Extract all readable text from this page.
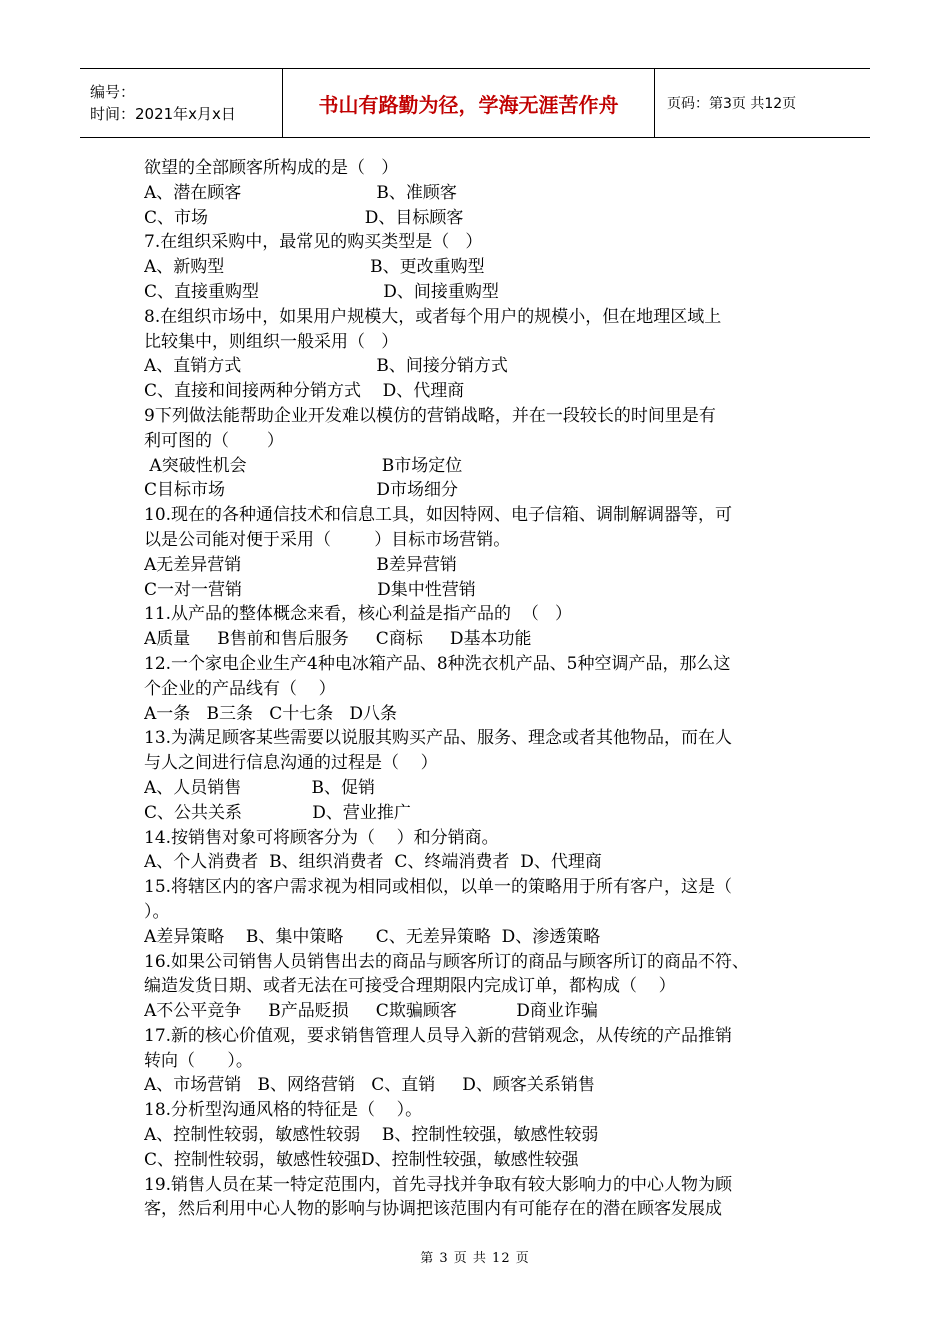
编号：
时间：2021年x月x日	书山有路勤为径，学海无涯苦作舟	页码：第3页 共12页
欲望的全部顾客所构成的是（   ）
A、潜在顾客                         B、准顾客
C、市场                             D、目标顾客
7.在组织采购中，最常见的购买类型是（   ）
A、新购型                           B、更改重购型
C、直接重购型                       D、间接重购型
8.在组织市场中，如果用户规模大，或者每个用户的规模小，但在地理区域上
比较集中，则组织一般采用（   ）
A、直销方式                         B、间接分销方式
C、直接和间接两种分销方式    D、代理商
9下列做法能帮助企业开发难以模仿的营销战略，并在一段较长的时间里是有
利可图的（       ）
A突破性机会                         B市场定位
C目标市场                            D市场细分
10.现在的各种通信技术和信息工具，如因特网、电子信箱、调制解调器等，可
以是公司能对便于采用（        ）目标市场营销。
A无差异营销                         B差异营销
C一对一营销                         D集中性营销
11.从产品的整体概念来看，核心利益是指产品的  （   ）
A质量     B售前和售后服务     C商标     D基本功能
12.一个家电企业生产4种电冰箱产品、8种洗衣机产品、5种空调产品，那么这
个企业的产品线有（    ）
A一条   B三条   C十七条   D八条
13.为满足顾客某些需要以说服其购买产品、服务、理念或者其他物品，而在人
与人之间进行信息沟通的过程是（    ）
A、人员销售             B、促销
C、公共关系             D、营业推广
14.按销售对象可将顾客分为（    ）和分销商。
A、个人消费者  B、组织消费者  C、终端消费者  D、代理商
15.将辖区内的客户需求视为相同或相似，以单一的策略用于所有客户，这是（
）。
A差异策略    B、集中策略      C、无差异策略  D、渗透策略
16.如果公司销售人员销售出去的商品与顾客所订的商品与顾客所订的商品不符、
编造发货日期、或者无法在可接受合理期限内完成订单，都构成（    ）
A不公平竞争     B产品贬损     C欺骗顾客           D商业诈骗
17.新的核心价值观，要求销售管理人员导入新的营销观念，从传统的产品推销
转向（      ）。
A、市场营销   B、网络营销   C、直销     D、顾客关系销售
18.分析型沟通风格的特征是（    ）。
A、控制性较弱，敏感性较弱    B、控制性较强，敏感性较弱
C、控制性较弱，敏感性较强D、控制性较强，敏感性较强
19.销售人员在某一特定范围内，首先寻找并争取有较大影响力的中心人物为顾
客，然后利用中心人物的影响与协调把该范围内有可能存在的潜在顾客发展成
第 3 页 共 12 页
